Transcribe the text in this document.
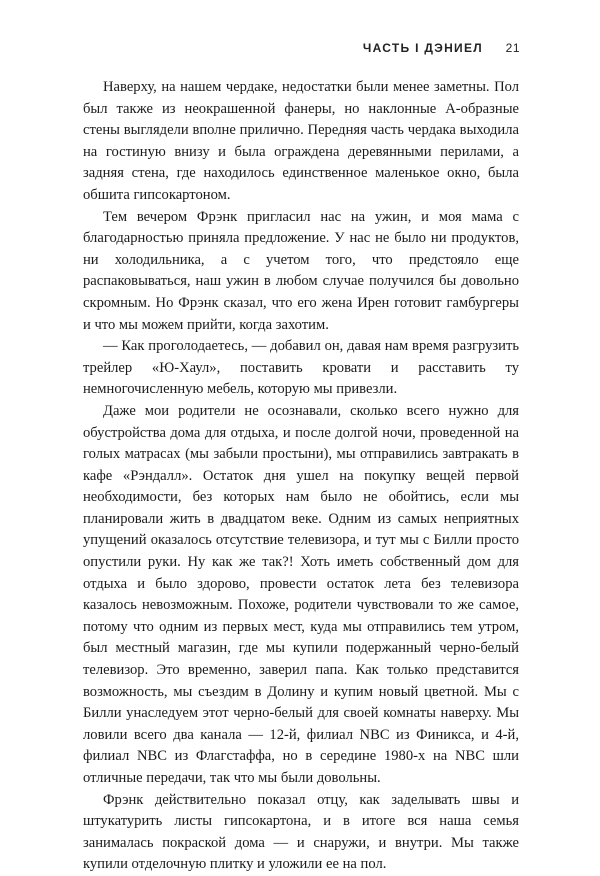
ЧАСТЬ I ДЭНИЕЛ 21

Наверху, на нашем чердаке, недостатки были менее заметны. Пол был также из неокрашенной фанеры, но наклонные А-образные стены выглядели вполне прилично. Передняя часть чердака выходила на гостиную внизу и была ограждена деревянными перилами, а задняя стена, где находилось единственное маленькое окно, была обшита гипсокартоном.

Тем вечером Фрэнк пригласил нас на ужин, и моя мама с благодарностью приняла предложение. У нас не было ни продуктов, ни холодильника, а с учетом того, что предстояло еще распаковываться, наш ужин в любом случае получился бы довольно скромным. Но Фрэнк сказал, что его жена Ирен готовит гамбургеры и что мы можем прийти, когда захотим.

— Как проголодаетесь, — добавил он, давая нам время разгрузить трейлер «Ю-Хаул», поставить кровати и расставить ту немногочисленную мебель, которую мы привезли.

Даже мои родители не осознавали, сколько всего нужно для обустройства дома для отдыха, и после долгой ночи, проведенной на голых матрасах (мы забыли простыни), мы отправились завтракать в кафе «Рэндалл». Остаток дня ушел на покупку вещей первой необходимости, без которых нам было не обойтись, если мы планировали жить в двадцатом веке. Одним из самых неприятных упущений оказалось отсутствие телевизора, и тут мы с Билли просто опустили руки. Ну как же так?! Хоть иметь собственный дом для отдыха и было здорово, провести остаток лета без телевизора казалось невозможным. Похоже, родители чувствовали то же самое, потому что одним из первых мест, куда мы отправились тем утром, был местный магазин, где мы купили подержанный черно-белый телевизор. Это временно, заверил папа. Как только представится возможность, мы съездим в Долину и купим новый цветной. Мы с Билли унаследуем этот черно-белый для своей комнаты наверху. Мы ловили всего два канала — 12-й, филиал NBC из Финикса, и 4-й, филиал NBC из Флагстаффа, но в середине 1980-х на NBC шли отличные передачи, так что мы были довольны.

Фрэнк действительно показал отцу, как заделывать швы и штукатурить листы гипсокартона, и в итоге вся наша семья занималась покраской дома — и снаружи, и внутри. Мы также купили отделочную плитку и уложили ее на пол.
